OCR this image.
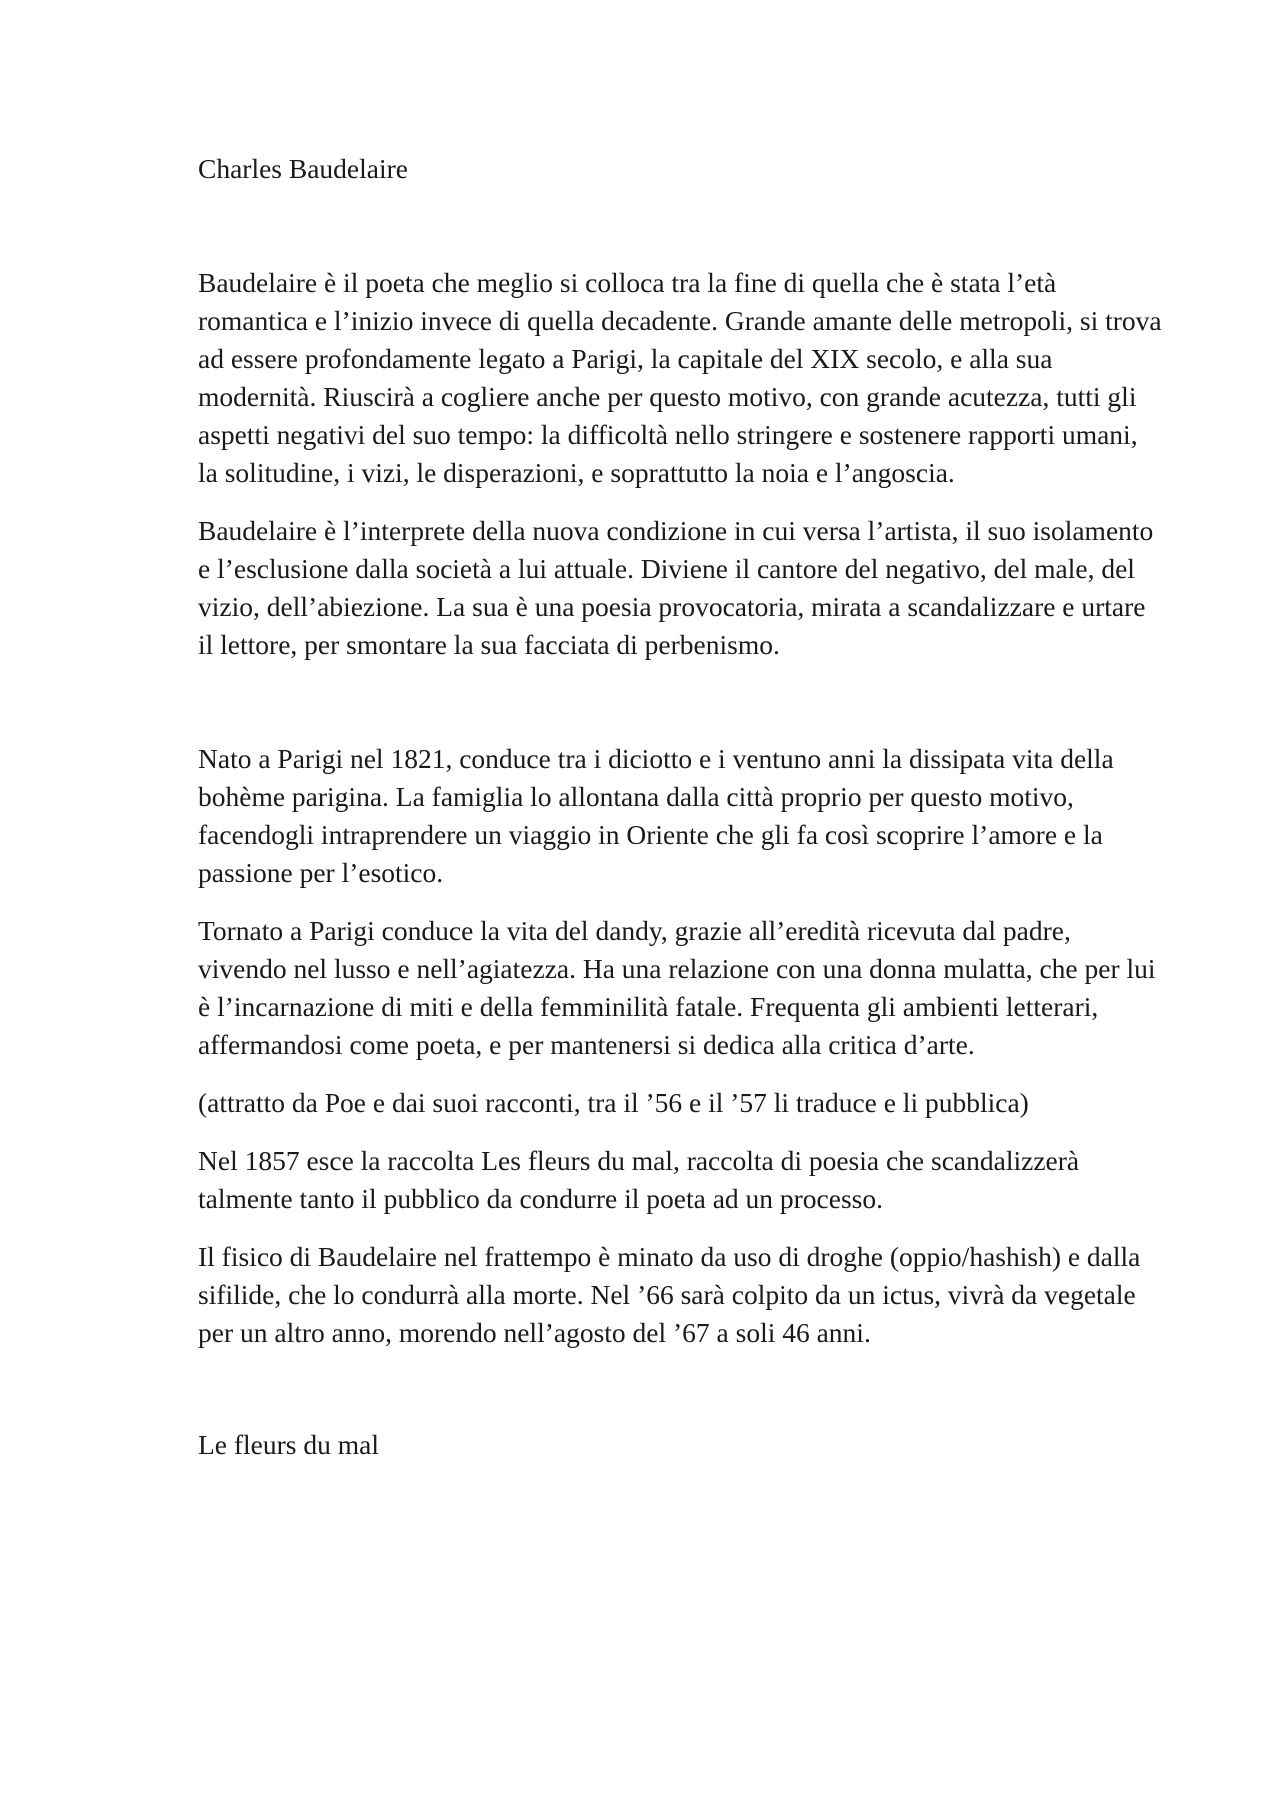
Charles Baudelaire

Baudelaire è il poeta che meglio si colloca tra la fine di quella che è stata l’età romantica e l’inizio invece di quella decadente. Grande amante delle metropoli, si trova ad essere profondamente legato a Parigi, la capitale del XIX secolo, e alla sua modernità. Riuscirà a cogliere anche per questo motivo, con grande acutezza, tutti gli aspetti negativi del suo tempo: la difficoltà nello stringere e sostenere rapporti umani, la solitudine, i vizi, le disperazioni, e soprattutto la noia e l’angoscia.

Baudelaire è l’interprete della nuova condizione in cui versa l’artista, il suo isolamento e l’esclusione dalla società a lui attuale. Diviene il cantore del negativo, del male, del vizio, dell’abiezione. La sua è una poesia provocatoria, mirata a scandalizzare e urtare il lettore, per smontare la sua facciata di perbenismo.

Nato a Parigi nel 1821, conduce tra i diciotto e i ventuno anni la dissipata vita della bohème parigina. La famiglia lo allontana dalla città proprio per questo motivo, facendogli intraprendere un viaggio in Oriente che gli fa così scoprire l’amore e la passione per l’esotico.

Tornato a Parigi conduce la vita del dandy, grazie all’eredità ricevuta dal padre, vivendo nel lusso e nell’agiatezza. Ha una relazione con una donna mulatta, che per lui è l’incarnazione di miti e della femminilità fatale. Frequenta gli ambienti letterari, affermandosi come poeta, e per mantenersi si dedica alla critica d’arte.

(attratto da Poe e dai suoi racconti, tra il ’56 e il ’57 li traduce e li pubblica)

Nel 1857 esce la raccolta Les fleurs du mal, raccolta di poesia che scandalizzerà talmente tanto il pubblico da condurre il poeta ad un processo.

Il fisico di Baudelaire nel frattempo è minato da uso di droghe (oppio/hashish) e dalla sifilide, che lo condurrà alla morte. Nel ’66 sarà colpito da un ictus, vivrà da vegetale per un altro anno, morendo nell’agosto del ’67 a soli 46 anni.

Le fleurs du mal
